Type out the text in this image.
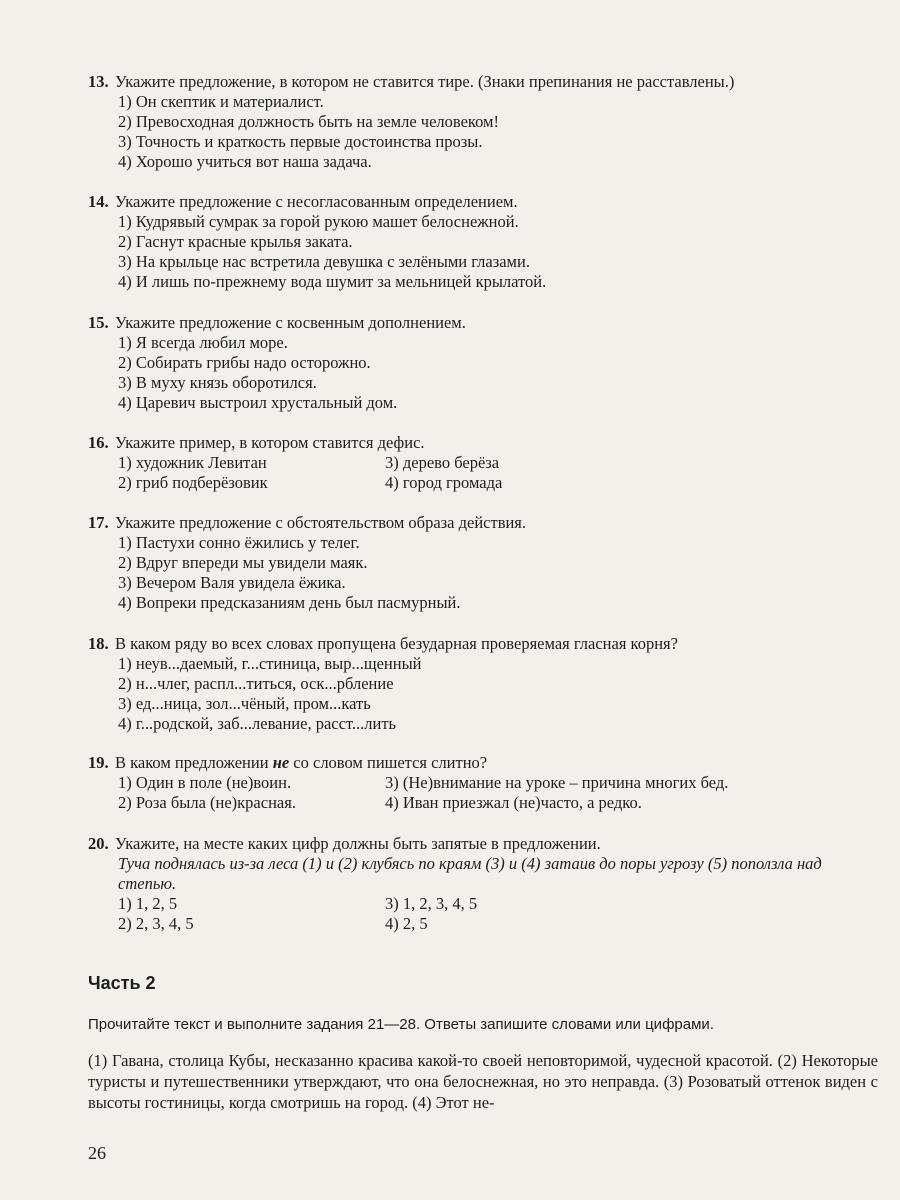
13. Укажите предложение, в котором не ставится тире. (Знаки препинания не расставлены.)
1) Он скептик и материалист.
2) Превосходная должность быть на земле человеком!
3) Точность и краткость первые достоинства прозы.
4) Хорошо учиться вот наша задача.
14. Укажите предложение с несогласованным определением.
1) Кудрявый сумрак за горой рукою машет белоснежной.
2) Гаснут красные крылья заката.
3) На крыльце нас встретила девушка с зелёными глазами.
4) И лишь по-прежнему вода шумит за мельницей крылатой.
15. Укажите предложение с косвенным дополнением.
1) Я всегда любил море.
2) Собирать грибы надо осторожно.
3) В муху князь оборотился.
4) Царевич выстроил хрустальный дом.
16. Укажите пример, в котором ставится дефис.
1) художник Левитан	3) дерево берёза
2) гриб подберёзовик	4) город громада
17. Укажите предложение с обстоятельством образа действия.
1) Пастухи сонно ёжились у телег.
2) Вдруг впереди мы увидели маяк.
3) Вечером Валя увидела ёжика.
4) Вопреки предсказаниям день был пасмурный.
18. В каком ряду во всех словах пропущена безударная проверяемая гласная корня?
1) неув...даемый, г...стиница, выр...щенный
2) н...члег, распл...титься, оск...рбление
3) ед...ница, зол...чёный, пром...кать
4) г...родской, заб...левание, расст...лить
19. В каком предложении не со словом пишется слитно?
1) Один в поле (не)воин.	3) (Не)внимание на уроке – причина многих бед.
2) Роза была (не)красная.	4) Иван приезжал (не)часто, а редко.
20. Укажите, на месте каких цифр должны быть запятые в предложении.
Туча поднялась из-за леса (1) и (2) клубясь по краям (3) и (4) затаив до поры угрозу (5) поползла над степью.
1) 1, 2, 5	3) 1, 2, 3, 4, 5
2) 2, 3, 4, 5	4) 2, 5
Часть 2
Прочитайте текст и выполните задания 21—28. Ответы запишите словами или цифрами.
(1) Гавана, столица Кубы, несказанно красива какой-то своей неповторимой, чудесной красотой. (2) Некоторые туристы и путешественники утверждают, что она белоснежная, но это неправда. (3) Розоватый оттенок виден с высоты гостиницы, когда смотришь на город. (4) Этот не-
26
